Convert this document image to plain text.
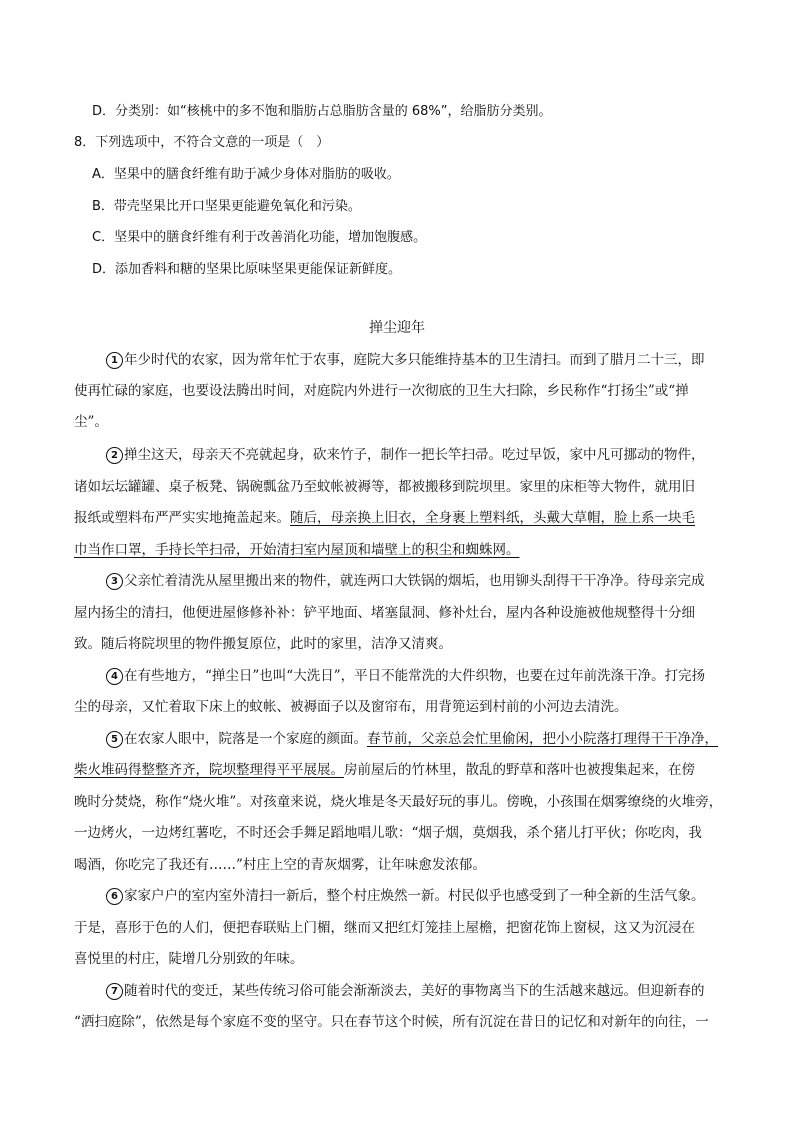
D．分类别：如“核桃中的多不饱和脂肪占总脂肪含量的 68%”，给脂肪分类别。
8．下列选项中，不符合文意的一项是（　）
A．坚果中的膳食纤维有助于减少身体对脂肪的吸收。
B．带壳坚果比开口坚果更能避免氧化和污染。
C．坚果中的膳食纤维有利于改善消化功能，增加饱腹感。
D．添加香料和糖的坚果比原味坚果更能保证新鲜度。
掸尘迎年
1 年少时代的农家，因为常年忙于农事，庭院大多只能维持基本的卫生清扫。而到了腊月二十三，即
使再忙碌的家庭，也要设法腾出时间，对庭院内外进行一次彻底的卫生大扫除，乡民称作“打扬尘”或“掸
尘”。
2 掸尘这天，母亲天不亮就起身，砍来竹子，制作一把长竿扫帚。吃过早饭，家中凡可挪动的物件，
诸如坛坛罐罐、桌子板凳、锅碗瓢盆乃至蚊帐被褥等，都被搬移到院坝里。家里的床柜等大物件，就用旧
报纸或塑料布严严实实地掩盖起来。随后，母亲换上旧衣，全身裹上塑料纸，头戴大草帽，脸上系一块毛
巾当作口罩，手持长竿扫帚，开始清扫室内屋顶和墙壁上的积尘和蜘蛛网。
3 父亲忙着清洗从屋里搬出来的物件，就连两口大铁锅的烟垢，也用铆头刮得干干净净。待母亲完成
屋内扬尘的清扫，他便进屋修修补补：铲平地面、堵塞鼠洞、修补灶台，屋内各种设施被他规整得十分细
致。随后将院坝里的物件搬复原位，此时的家里，洁净又清爽。
4 在有些地方，“掸尘日”也叫“大洗日”，平日不能常洗的大件织物，也要在过年前洗涤干净。打完扬
尘的母亲，又忙着取下床上的蚊帐、被褥面子以及窗帘布，用背篼运到村前的小河边去清洗。
5 在农家人眼中，院落是一个家庭的颜面。春节前，父亲总会忙里偷闲，把小小院落打理得干干净净，
柴火堆码得整整齐齐，院坝整理得平平展展。房前屋后的竹林里，散乱的野草和落叶也被搜集起来，在傍
晚时分焚烧，称作“烧火堆”。对孩童来说，烧火堆是冬天最好玩的事儿。傍晚，小孩围在烟雾缭绕的火堆旁，
一边烤火，一边烤红薯吃，不时还会手舞足蹈地唱儿歌：“烟子烟，莫烟我，杀个猪儿打平伙；你吃肉，我
喝酒，你吃完了我还有……”村庄上空的青灰烟雾，让年味愈发浓郁。
6 家家户户的室内室外清扫一新后，整个村庄焕然一新。村民似乎也感受到了一种全新的生活气象。
于是，喜形于色的人们，便把春联贴上门楣，继而又把红灯笼挂上屋檐，把窗花饰上窗棂，这又为沉浸在
喜悦里的村庄，陡增几分别致的年味。
7 随着时代的变迁，某些传统习俗可能会渐渐淡去，美好的事物离当下的生活越来越远。但迎新春的
“洒扫庭除”，依然是每个家庭不变的坚守。只在春节这个时候，所有沉淀在昔日的记忆和对新年的向往，一
